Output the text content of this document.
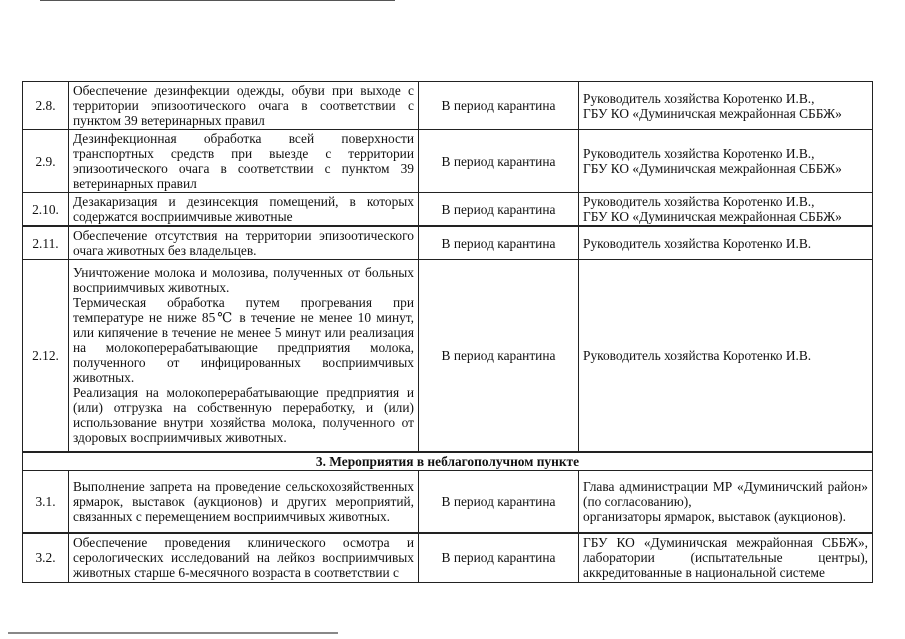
2.8.	Обеспечение дезинфекции одежды, обуви при выходе с территории эпизоотического очага в соответствии с пунктом 39 ветеринарных правил	В период карантина	Руководитель хозяйства Коротенко И.В.,
ГБУ КО «Думиничская межрайонная СББЖ»

2.9.	Дезинфекционная обработка всей поверхности транспортных средств при выезде с территории эпизоотического очага в соответствии с пунктом 39 ветеринарных правил	В период карантина	Руководитель хозяйства Коротенко И.В.,
ГБУ КО «Думиничская межрайонная СББЖ»

2.10.	Дезакаризация и дезинсекция помещений, в которых содержатся восприимчивые животные	В период карантина	Руководитель хозяйства Коротенко И.В.,
ГБУ КО «Думиничская межрайонная СББЖ»

2.11.	Обеспечение отсутствия на территории эпизоотического очага животных без владельцев.	В период карантина	Руководитель хозяйства Коротенко И.В.

2.12.	Уничтожение молока и молозива, полученных от больных восприимчивых животных.

Термическая обработка путем прогревания при температуре не ниже 85℃ в течение не менее 10 минут, или кипячение в течение не менее 5 минут или реализация на молокоперерабатывающие предприятия молока, полученного от инфицированных восприимчивых животных.

Реализация на молокоперерабатывающие предприятия и (или) отгрузка на собственную переработку, и (или) использование внутри хозяйства молока, полученного от здоровых восприимчивых животных.	В период карантина	Руководитель хозяйства Коротенко И.В.

3. Мероприятия в неблагополучном пункте			
3.1.	Выполнение запрета на проведение сельскохозяйственных ярмарок, выставок (аукционов) и других мероприятий, связанных с перемещением восприимчивых животных.	В период карантина	Глава администрации МР «Думиничский район» (по согласованию),
организаторы ярмарок, выставок (аукционов).

3.2.	Обеспечение проведения клинического осмотра и серологических исследований на лейкоз восприимчивых животных старше 6-месячного возраста в соответствии с	В период карантина	ГБУ КО «Думиничская межрайонная СББЖ», лаборатории (испытательные центры), аккредитованные в национальной системе
